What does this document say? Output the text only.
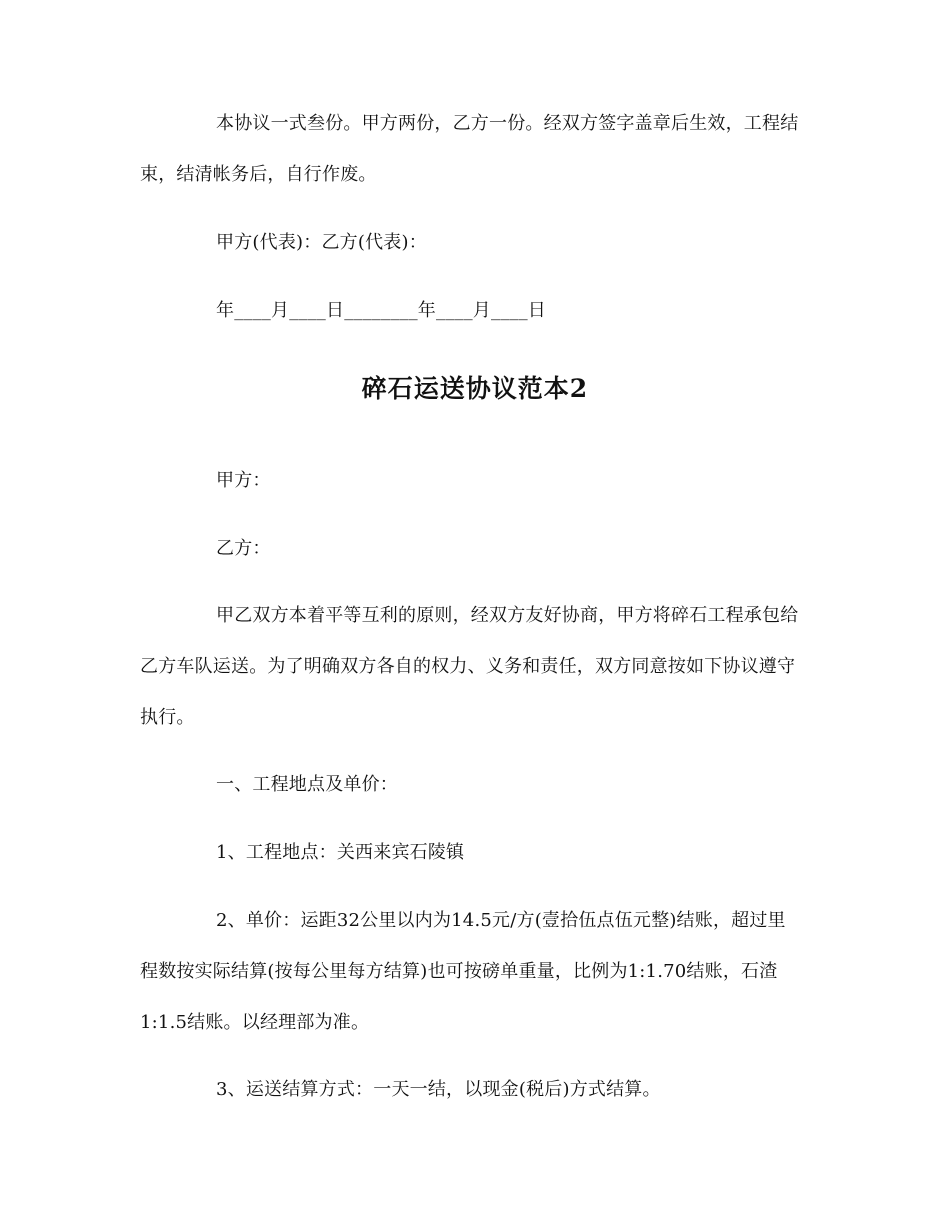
本协议一式叁份。甲方两份，乙方一份。经双方签字盖章后生效，工程结
束，结清帐务后，自行作废。
甲方(代表)：乙方(代表)：
年____月____日________年____月____日
碎石运送协议范本2
甲方：
乙方：
甲乙双方本着平等互利的原则，经双方友好协商，甲方将碎石工程承包给
乙方车队运送。为了明确双方各自的权力、义务和责任，双方同意按如下协议遵守
执行。
一、工程地点及单价：
1、工程地点：关西来宾石陵镇
2、单价：运距32公里以内为14.5元/方(壹拾伍点伍元整)结账，超过里
程数按实际结算(按每公里每方结算)也可按磅单重量，比例为1:1.70结账，石渣
1:1.5结账。以经理部为准。
3、运送结算方式：一天一结，以现金(税后)方式结算。
